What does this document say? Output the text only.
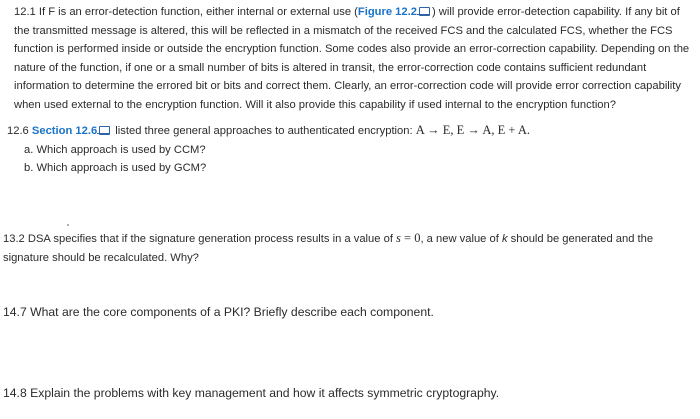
12.1 If F is an error-detection function, either internal or external use (Figure 12.2 ) will provide error-detection capability. If any bit of the transmitted message is altered, this will be reflected in a mismatch of the received FCS and the calculated FCS, whether the FCS function is performed inside or outside the encryption function. Some codes also provide an error-correction capability. Depending on the nature of the function, if one or a small number of bits is altered in transit, the error-correction code contains sufficient redundant information to determine the errored bit or bits and correct them. Clearly, an error-correction code will provide error correction capability when used external to the encryption function. Will it also provide this capability if used internal to the encryption function?
12.6 Section 12.6 listed three general approaches to authenticated encryption: A → E, E → A, E + A.
a. Which approach is used by CCM?
b. Which approach is used by GCM?
13.2 DSA specifies that if the signature generation process results in a value of s = 0, a new value of k should be generated and the signature should be recalculated. Why?
14.7 What are the core components of a PKI? Briefly describe each component.
14.8 Explain the problems with key management and how it affects symmetric cryptography.
